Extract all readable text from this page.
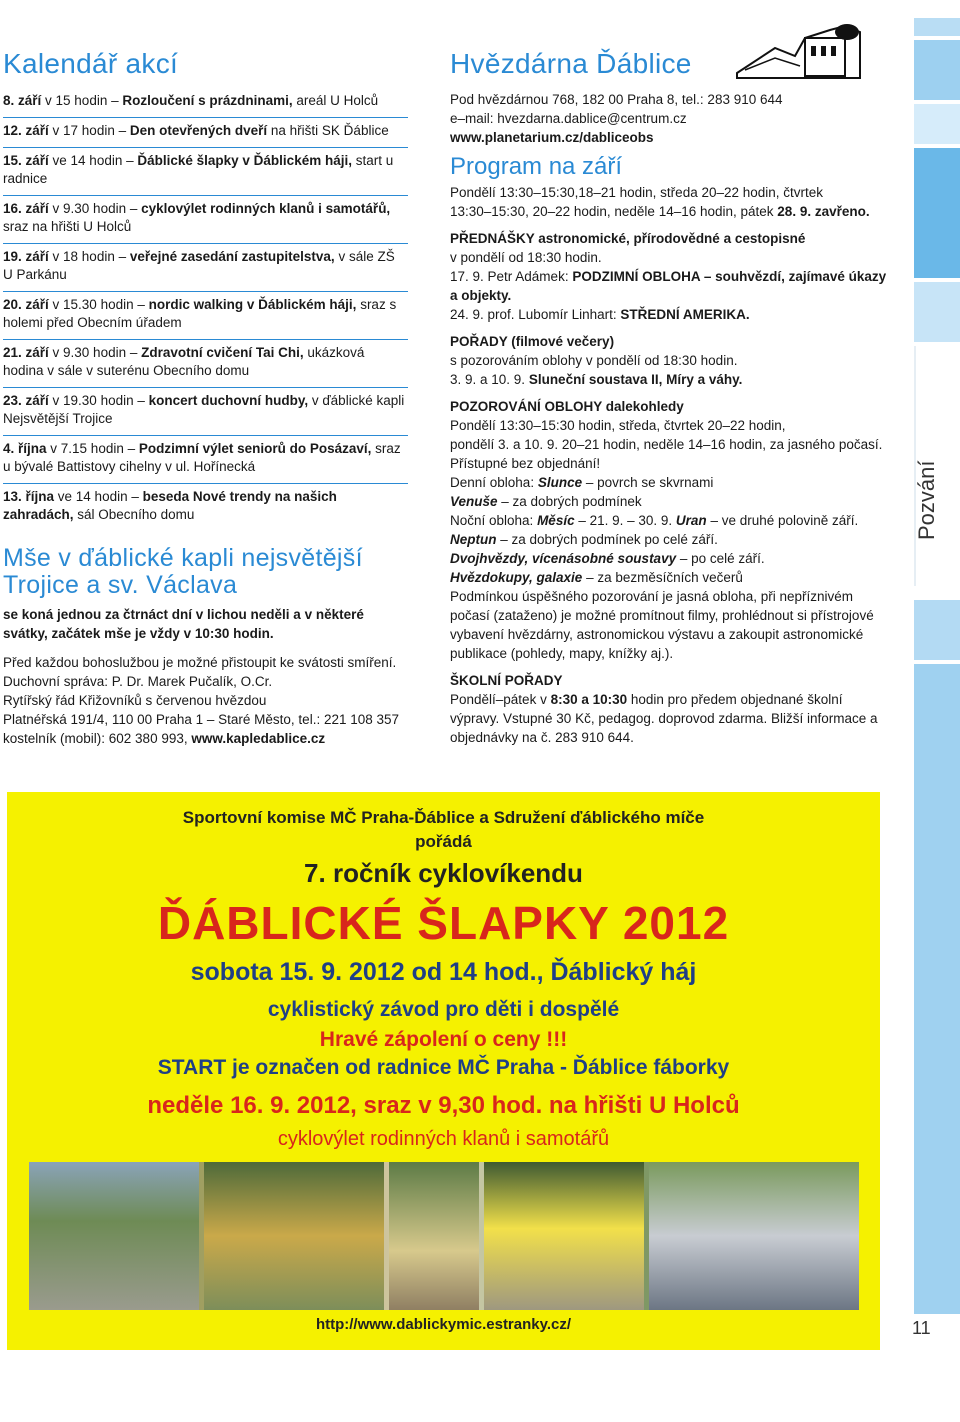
Pozvání
Kalendář akcí

8. září v 15 hodin – Rozloučení s prázdninami, areál U Holců

12. září v 17 hodin – Den otevřených dveří na hřišti SK Ďáblice

15. září ve 14 hodin – Ďáblické šlapky v Ďáblickém háji, start u radnice

16. září v 9.30 hodin – cyklovýlet rodinných klanů i samotářů, sraz na hřišti U Holců

19. září v 18 hodin – veřejné zasedání zastupitelstva, v sále ZŠ U Parkánu

20. září v 15.30 hodin – nordic walking v Ďáblickém háji, sraz s holemi před Obecním úřadem

21. září v 9.30 hodin – Zdravotní cvičení Tai Chi, ukázková hodina v sále v suterénu Obecního domu

23. září v 19.30 hodin – koncert duchovní hudby, v ďáblické kapli Nejsvětější Trojice

4. října v 7.15 hodin – Podzimní výlet seniorů do Posázaví, sraz u bývalé Battistovy cihelny v ul. Hořínecká

13. října ve 14 hodin – beseda Nové trendy na našich zahradách, sál Obecního domu

Mše v ďáblické kapli nejsvětější Trojice a sv. Václava

se koná jednou za čtrnáct dní v lichou neděli a v některé svátky, začátek mše je vždy v 10:30 hodin.

Před každou bohoslužbou je možné přistoupit ke svátosti smíření.

Duchovní správa: P. Dr. Marek Pučalík, O.Cr.

Rytířský řád Křižovníků s červenou hvězdou

Platnéřská 191/4, 110 00 Praha 1 – Staré Město, tel.: 221 108 357

kostelník (mobil): 602 380 993, www.kapledablice.cz

Hvězdárna Ďáblice

Pod hvězdárnou 768, 182 00 Praha 8, tel.: 283 910 644

e–mail: hvezdarna.dablice@centrum.cz

www.planetarium.cz/dabliceobs

Program na září

Pondělí 13:30–15:30,18–21 hodin, středa 20–22 hodin, čtvrtek

13:30–15:30, 20–22 hodin, neděle 14–16 hodin, pátek 28. 9. zavřeno.

PŘEDNÁŠKY astronomické, přírodovědné a cestopisné

v pondělí od 18:30 hodin.

17. 9. Petr Adámek: PODZIMNÍ OBLOHA – souhvězdí, zajímavé úkazy a objekty.

24. 9. prof. Lubomír Linhart: STŘEDNÍ AMERIKA.

POŘADY (filmové večery)

s pozorováním oblohy v pondělí od 18:30 hodin.

3. 9. a 10. 9. Sluneční soustava II, Míry a váhy.

POZOROVÁNÍ OBLOHY dalekohledy

Pondělí 13:30–15:30 hodin, středa, čtvrtek 20–22 hodin,

pondělí 3. a 10. 9. 20–21 hodin, neděle 14–16 hodin, za jasného počasí.

Přístupné bez objednání!

Denní obloha: Slunce – povrch se skvrnami

Venuše – za dobrých podmínek

Noční obloha: Měsíc – 21. 9. – 30. 9. Uran – ve druhé polovině září.

Neptun – za dobrých podmínek po celé září.

Dvojhvězdy, vícenásobné soustavy – po celé září.

Hvězdokupy, galaxie – za bezměsíčních večerů

Podmínkou úspěšného pozorování je jasná obloha, při nepříznivém počasí (zataženo) je možné promítnout filmy, prohlédnout si přístrojové vybavení hvězdárny, astronomickou výstavu a zakoupit astronomické publikace (pohledy, mapy, knížky aj.).

ŠKOLNÍ POŘADY

Pondělí–pátek v 8:30 a 10:30 hodin pro předem objednané školní výpravy. Vstupné 30 Kč, pedagog. doprovod zdarma. Bližší informace a objednávky na č. 283 910 644.

Sportovní komise MČ Praha-Ďáblice a Sdružení ďáblického míče
pořádá
7. ročník cyklovíkendu
ĎÁBLICKÉ ŠLAPKY 2012
sobota 15. 9. 2012 od 14 hod., Ďáblický háj
cyklistický závod pro děti i dospělé
Hravé zápolení o ceny !!!
START je označen od radnice MČ Praha - Ďáblice fáborky
neděle 16. 9. 2012, sraz v 9,30 hod. na hřišti U Holců
cyklovýlet rodinných klanů i samotářů
http://www.dablickymic.estranky.cz/	11
